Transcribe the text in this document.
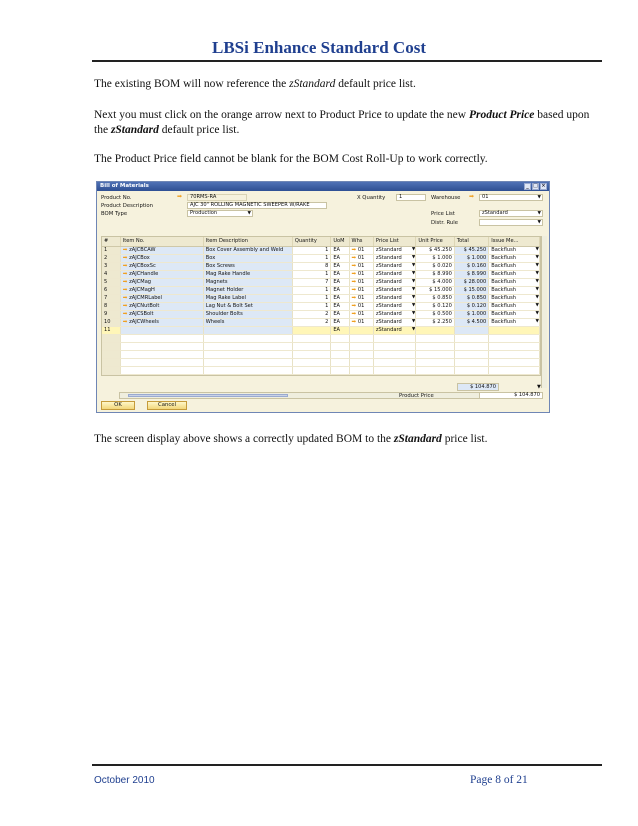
LBSi Enhance Standard Cost
The existing BOM will now reference the zStandard default price list.
Next you must click on the orange arrow next to Product Price to update the new Product Price based upon the zStandard default price list.
The Product Price field cannot be blank for the BOM Cost Roll-Up to work correctly.
Bill of Materials	_ □ ×
Product No.	➡	70RMS-RA
Product Description	AJC 30" ROLLING MAGNETIC SWEEPER W/RAKE
BOM Type	Production	▼
X Quantity	1	Warehouse ➡	01	▼
Price List	zStandard	▼
Distr. Rule	▼
#	Item No.	Item Description	Quantity	UoM	Whs	Price List	Unit Price	Total	Issue Me...
1	➡ zAJCBCAW	Box Cover Assembly and Weld	1	EA	➡ 01	zStandard ▼	$ 45.250	$ 45.250	Backflush ▼

2	➡ zAJCBox	Box	1	EA	➡ 01	zStandard ▼	$ 1.000	$ 1.000	Backflush ▼

3	➡ zAJCBoxSc	Box Screws	8	EA	➡ 01	zStandard ▼	$ 0.020	$ 0.160	Backflush ▼

4	➡ zAJCHandle	Mag Rake Handle	1	EA	➡ 01	zStandard ▼	$ 8.990	$ 8.990	Backflush ▼

5	➡ zAJCMag	Magnets	7	EA	➡ 01	zStandard ▼	$ 4.000	$ 28.000	Backflush ▼

6	➡ zAJCMagH	Magnet Holder	1	EA	➡ 01	zStandard ▼	$ 15.000	$ 15.000	Backflush ▼

7	➡ zAJCMRLabel	Mag Rake Label	1	EA	➡ 01	zStandard ▼	$ 0.850	$ 0.850	Backflush ▼

8	➡ zAJCNutBolt	Lag Nut & Bolt Set	1	EA	➡ 01	zStandard ▼	$ 0.120	$ 0.120	Backflush ▼

9	➡ zAJCSBolt	Shoulder Bolts	2	EA	➡ 01	zStandard ▼	$ 0.500	$ 1.000	Backflush ▼

10	➡ zAJCWheels	Wheels	2	EA	➡ 01	zStandard ▼	$ 2.250	$ 4.500	Backflush ▼

11				EA		zStandard ▼			

$ 104.870
Product Price
▼
$ 104.870
OK	Cancel
The screen display above shows a correctly updated BOM to the zStandard price list.
October 2010	Page 8 of 21
